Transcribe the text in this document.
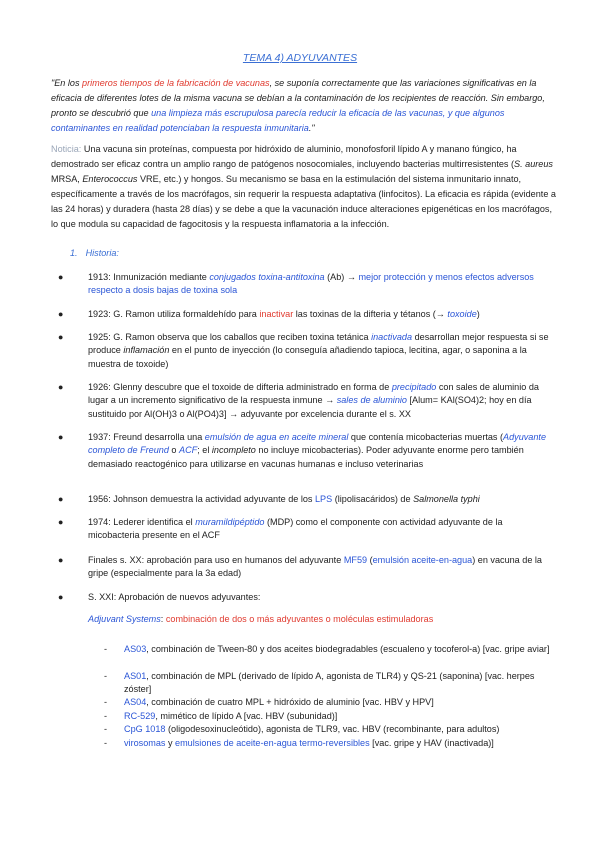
TEMA 4) ADYUVANTES
"En los primeros tiempos de la fabricación de vacunas, se suponía correctamente que las variaciones significativas en la eficacia de diferentes lotes de la misma vacuna se debían a la contaminación de los recipientes de reacción. Sin embargo, pronto se descubrió que una limpieza más escrupulosa parecía reducir la eficacia de las vacunas, y que algunos contaminantes en realidad potenciaban la respuesta inmunitaria."
Noticia: Una vacuna sin proteínas, compuesta por hidróxido de aluminio, monofosforil lípido A y manano fúngico, ha demostrado ser eficaz contra un amplio rango de patógenos nosocomiales, incluyendo bacterias multirresistentes (S. aureus MRSA, Enterococcus VRE, etc.) y hongos. Su mecanismo se basa en la estimulación del sistema inmunitario innato, específicamente a través de los macrófagos, sin requerir la respuesta adaptativa (linfocitos). La eficacia es rápida (evidente a las 24 horas) y duradera (hasta 28 días) y se debe a que la vacunación induce alteraciones epigenéticas en los macrófagos, lo que modula su capacidad de fagocitosis y la respuesta inflamatoria a la infección.
1. Historia:
●	1913: Inmunización mediante conjugados toxina-antitoxina (Ab) → mejor protección y menos efectos adversos respecto a dosis bajas de toxina sola
●	1923: G. Ramon utiliza formaldehído para inactivar las toxinas de la difteria y tétanos (→ toxoide)
●	1925: G. Ramon observa que los caballos que reciben toxina tetánica inactivada desarrollan mejor respuesta si se produce inflamación en el punto de inyección (lo conseguía añadiendo tapioca, lecitina, agar, o saponina a la muestra de toxoide)
●	1926: Glenny descubre que el toxoide de difteria administrado en forma de precipitado con sales de aluminio da lugar a un incremento significativo de la respuesta inmune → sales de aluminio [Alum= KAl(SO4)2; hoy en día sustituido por Al(OH)3 o Al(PO4)3] → adyuvante por excelencia durante el s. XX
●	1937: Freund desarrolla una emulsión de agua en aceite mineral que contenía micobacterias muertas (Adyuvante completo de Freund o ACF; el incompleto no incluye micobacterias). Poder adyuvante enorme pero también demasiado reactogénico para utilizarse en vacunas humanas e incluso veterinarias
●	1956: Johnson demuestra la actividad adyuvante de los LPS (lipolisacáridos) de Salmonella typhi
●	1974: Lederer identifica el muramildipéptido (MDP) como el componente con actividad adyuvante de la micobacteria presente en el ACF
●	Finales s. XX: aprobación para uso en humanos del adyuvante MF59 (emulsión aceite-en-agua) en vacuna de la gripe (especialmente para la 3a edad)
●	S. XXI: Aprobación de nuevos adyuvantes:
Adjuvant Systems: combinación de dos o más adyuvantes o moléculas estimuladoras
- AS03, combinación de Tween-80 y dos aceites biodegradables (escualeno y tocoferol-a) [vac. gripe aviar]
- AS01, combinación de MPL (derivado de lípido A, agonista de TLR4) y QS-21 (saponina) [vac. herpes zóster]
- AS04, combinación de cuatro MPL + hidróxido de aluminio [vac. HBV y HPV]
- RC-529, mimético de lípido A [vac. HBV (subunidad)]
- CpG 1018 (oligodesoxinucleótido), agonista de TLR9, vac. HBV (recombinante, para adultos)
- virosomas y emulsiones de aceite-en-agua termo-reversibles [vac. gripe y HAV (inactivada)]
